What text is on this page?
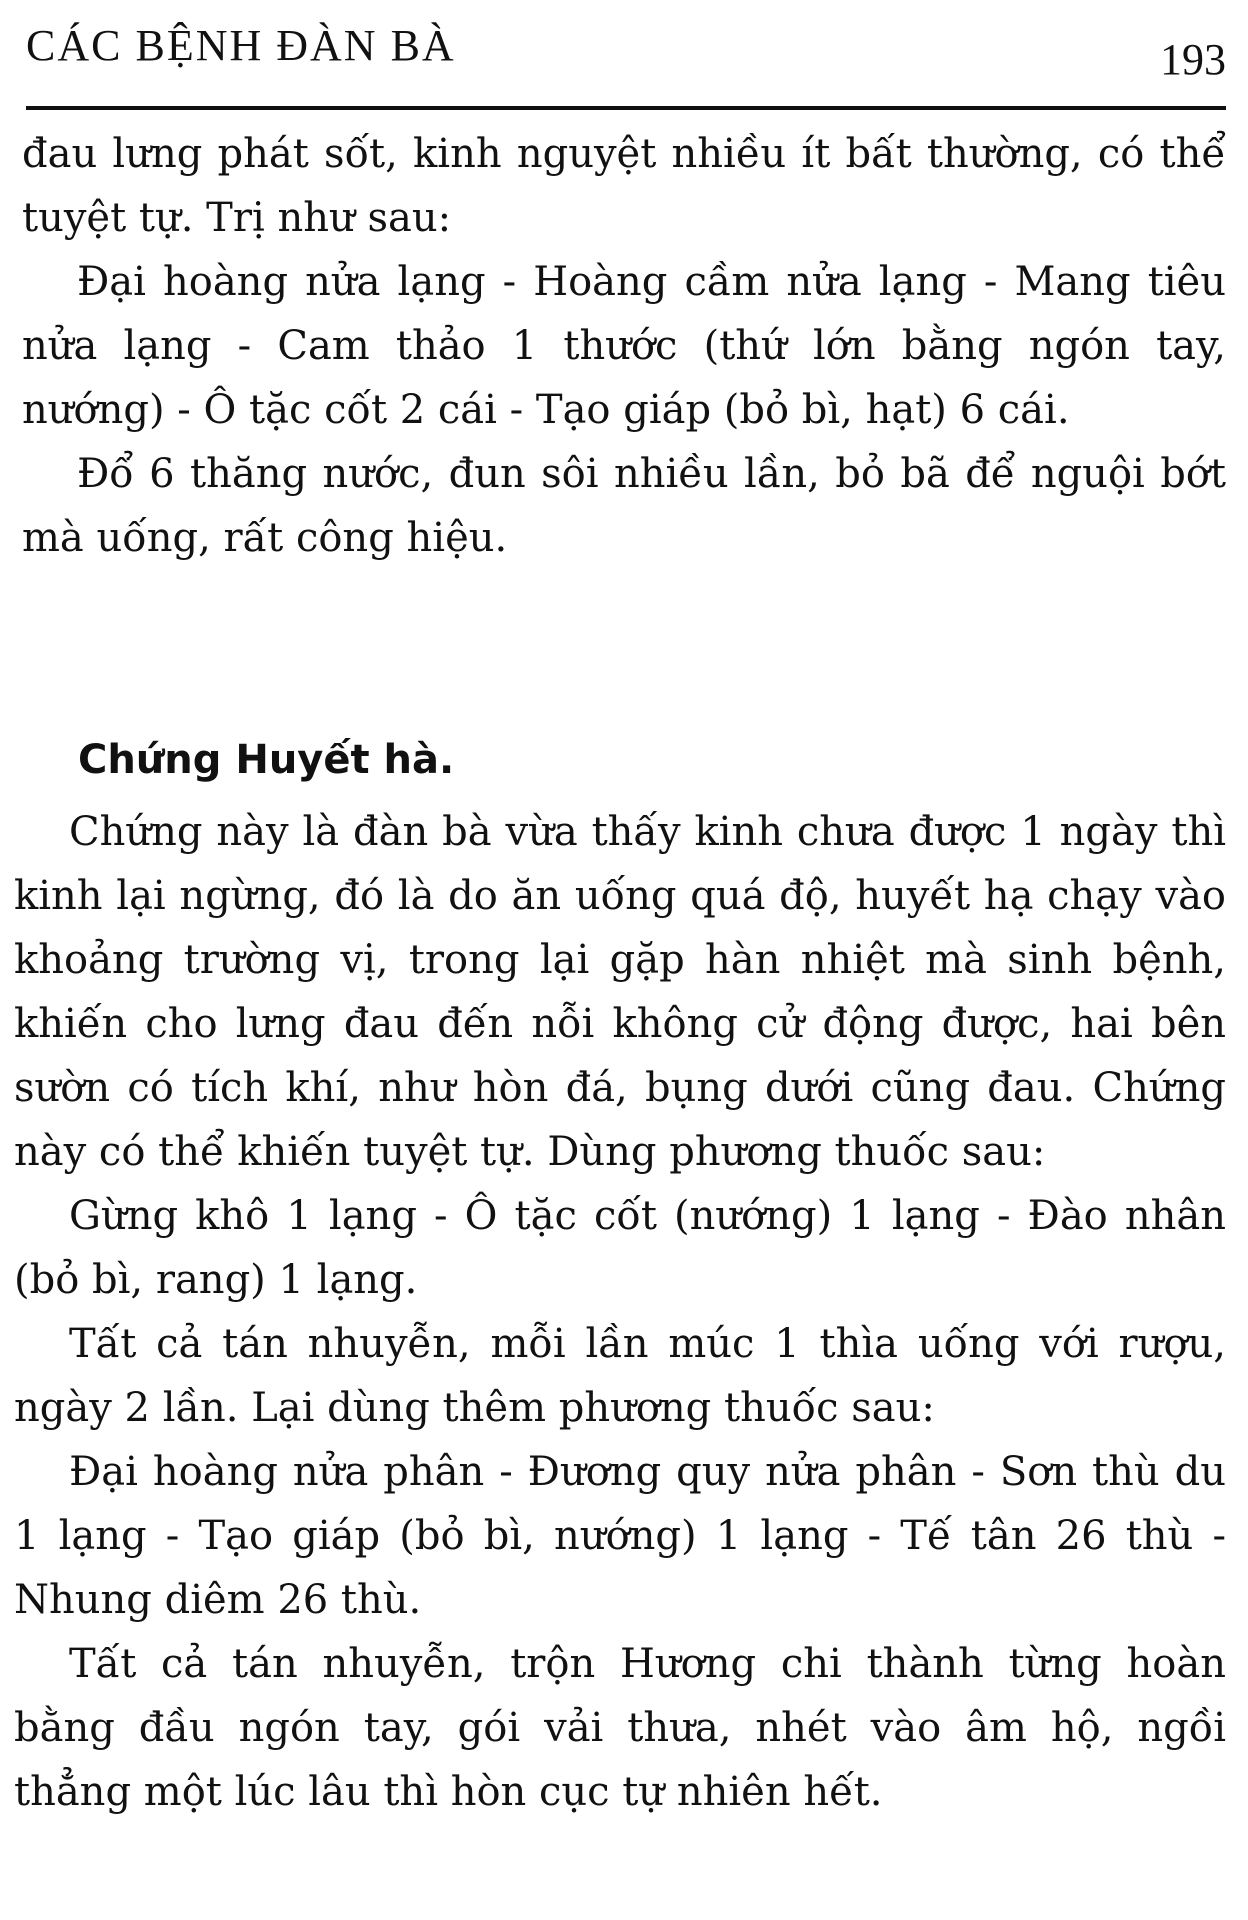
CÁC BỆNH ĐÀN BÀ	193

đau lưng phát sốt, kinh nguyệt nhiều ít bất thường, có thể tuyệt tự. Trị như sau:

Đại hoàng nửa lạng - Hoàng cầm nửa lạng - Mang tiêu nửa lạng - Cam thảo 1 thước (thứ lớn bằng ngón tay, nướng) - Ô tặc cốt 2 cái - Tạo giáp (bỏ bì, hạt) 6 cái.

Đổ 6 thăng nước, đun sôi nhiều lần, bỏ bã để nguội bớt mà uống, rất công hiệu.

Chứng Huyết hà.

Chứng này là đàn bà vừa thấy kinh chưa được 1 ngày thì kinh lại ngừng, đó là do ăn uống quá độ, huyết hạ chạy vào khoảng trường vị, trong lại gặp hàn nhiệt mà sinh bệnh, khiến cho lưng đau đến nỗi không cử động được, hai bên sườn có tích khí, như hòn đá, bụng dưới cũng đau. Chứng này có thể khiến tuyệt tự. Dùng phương thuốc sau:

Gừng khô 1 lạng - Ô tặc cốt (nướng) 1 lạng - Đào nhân (bỏ bì, rang) 1 lạng.

Tất cả tán nhuyễn, mỗi lần múc 1 thìa uống với rượu, ngày 2 lần. Lại dùng thêm phương thuốc sau:

Đại hoàng nửa phân - Đương quy nửa phân - Sơn thù du 1 lạng - Tạo giáp (bỏ bì, nướng) 1 lạng - Tế tân 26 thù - Nhung diêm 26 thù.

Tất cả tán nhuyễn, trộn Hương chi thành từng hoàn bằng đầu ngón tay, gói vải thưa, nhét vào âm hộ, ngồi thẳng một lúc lâu thì hòn cục tự nhiên hết.
